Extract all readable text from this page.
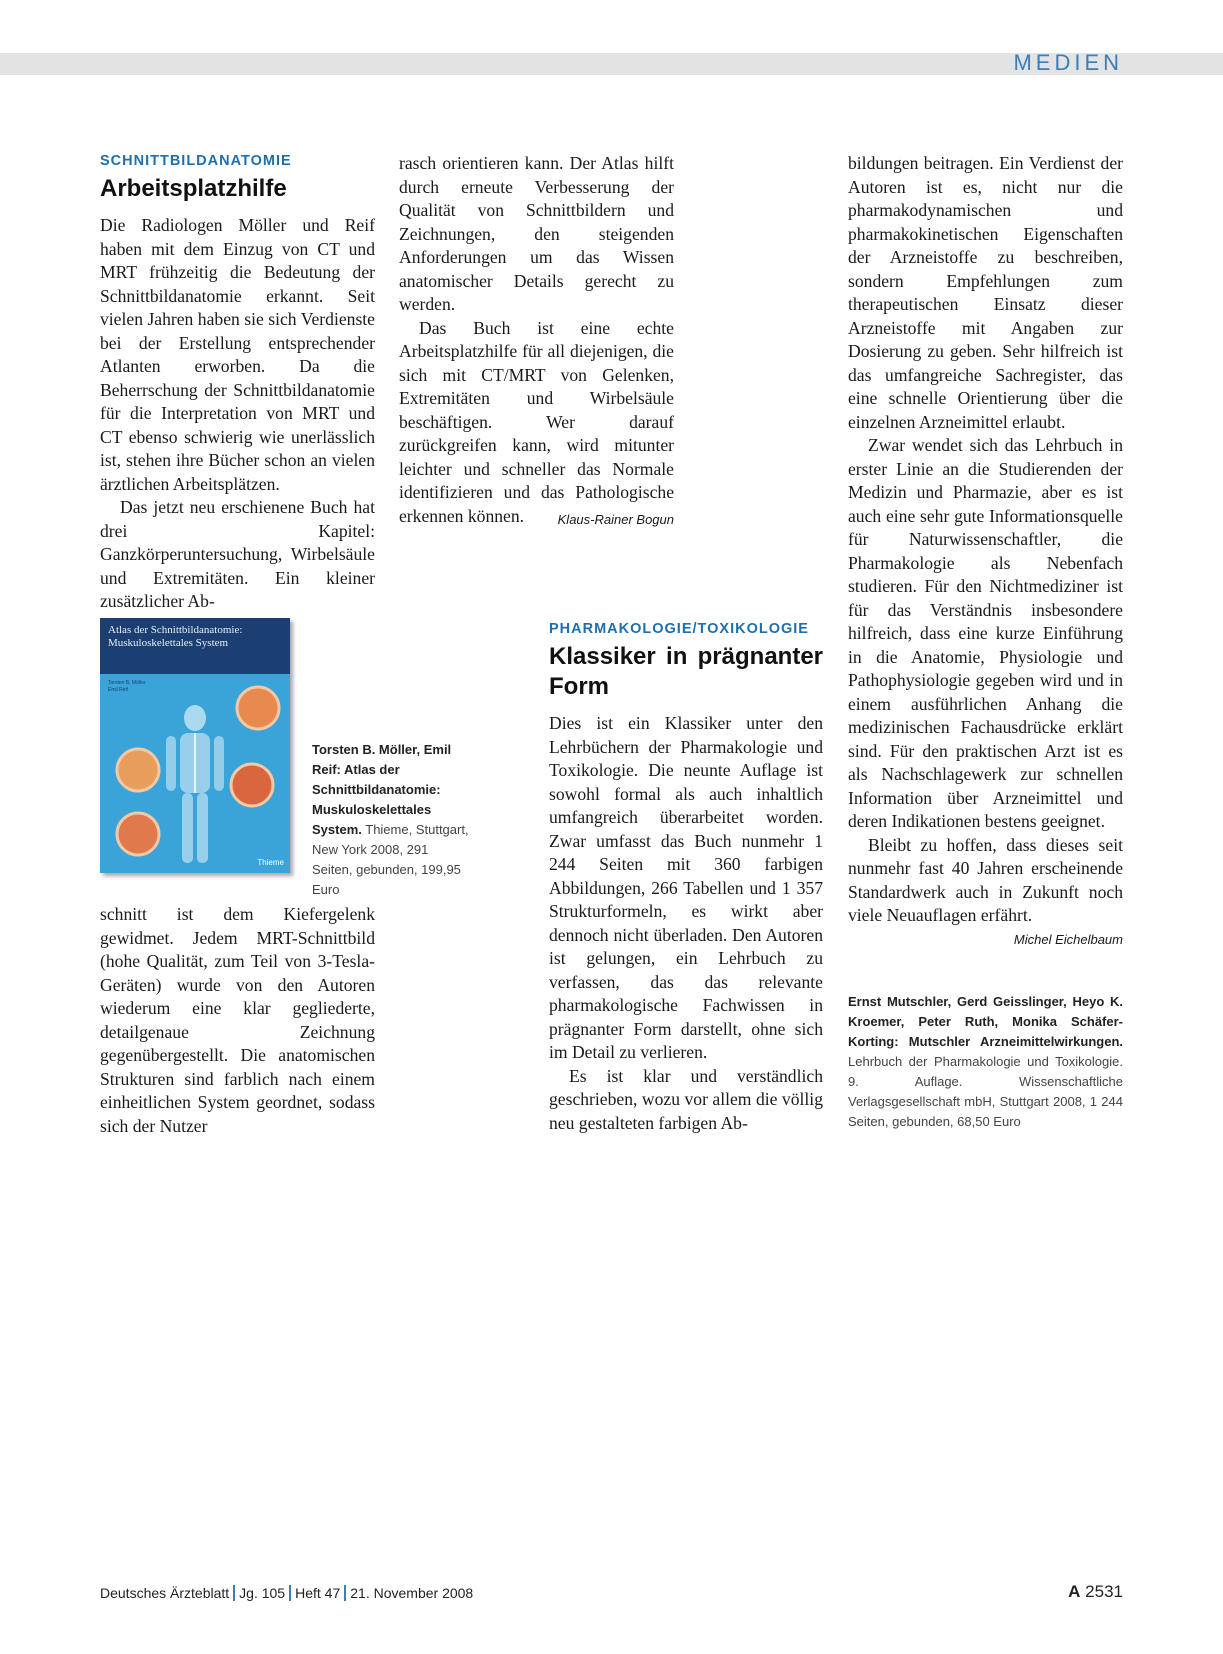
MEDIEN
SCHNITTBILDANATOMIE
Arbeitsplatzhilfe

Die Radiologen Möller und Reif haben mit dem Einzug von CT und MRT frühzeitig die Bedeutung der Schnittbildanatomie erkannt. Seit vielen Jahren haben sie sich Verdienste bei der Erstellung entsprechender Atlanten erworben. Da die Beherrschung der Schnittbildanatomie für die Interpretation von MRT und CT ebenso schwierig wie unerlässlich ist, stehen ihre Bücher schon an vielen ärztlichen Arbeitsplätzen.

Das jetzt neu erschienene Buch hat drei Kapitel: Ganzkörperuntersuchung, Wirbelsäule und Extremitäten. Ein kleiner zusätzlicher Ab-

Atlas der Schnittbildanatomie: Muskuloskelettales System
Torsten B. Möller
Emil Reif
Thieme
Torsten B. Möller, Emil Reif: Atlas der Schnittbildanatomie: Muskuloskelettales System. Thieme, Stuttgart, New York 2008, 291 Seiten, gebunden, 199,95 Euro

schnitt ist dem Kiefergelenk gewidmet. Jedem MRT-Schnittbild (hohe Qualität, zum Teil von 3-Tesla-Geräten) wurde von den Autoren wiederum eine klar gegliederte, detailgenaue Zeichnung gegenübergestellt. Die anatomischen Strukturen sind farblich nach einem einheitlichen System geordnet, sodass sich der Nutzer

rasch orientieren kann. Der Atlas hilft durch erneute Verbesserung der Qualität von Schnittbildern und Zeichnungen, den steigenden Anforderungen um das Wissen anatomischer Details gerecht zu werden.

Das Buch ist eine echte Arbeitsplatzhilfe für all diejenigen, die sich mit CT/MRT von Gelenken, Extremitäten und Wirbelsäule beschäftigen. Wer darauf zurückgreifen kann, wird mitunter leichter und schneller das Normale identifizieren und das Pathologische erkennen können.	Klaus-Rainer Bogun

PHARMAKOLOGIE/TOXIKOLOGIE
Klassiker in prägnanter Form

Dies ist ein Klassiker unter den Lehrbüchern der Pharmakologie und Toxikologie. Die neunte Auflage ist sowohl formal als auch inhaltlich umfangreich überarbeitet worden. Zwar umfasst das Buch nunmehr 1 244 Seiten mit 360 farbigen Abbildungen, 266 Tabellen und 1 357 Strukturformeln, es wirkt aber dennoch nicht überladen. Den Autoren ist gelungen, ein Lehrbuch zu verfassen, das das relevante pharmakologische Fachwissen in prägnanter Form darstellt, ohne sich im Detail zu verlieren.

Es ist klar und verständlich geschrieben, wozu vor allem die völlig neu gestalteten farbigen Ab-

bildungen beitragen. Ein Verdienst der Autoren ist es, nicht nur die pharmakodynamischen und pharmakokinetischen Eigenschaften der Arzneistoffe zu beschreiben, sondern Empfehlungen zum therapeutischen Einsatz dieser Arzneistoffe mit Angaben zur Dosierung zu geben. Sehr hilfreich ist das umfangreiche Sachregister, das eine schnelle Orientierung über die einzelnen Arzneimittel erlaubt.

Zwar wendet sich das Lehrbuch in erster Linie an die Studierenden der Medizin und Pharmazie, aber es ist auch eine sehr gute Informationsquelle für Naturwissenschaftler, die Pharmakologie als Nebenfach studieren. Für den Nichtmediziner ist für das Verständnis insbesondere hilfreich, dass eine kurze Einführung in die Anatomie, Physiologie und Pathophysiologie gegeben wird und in einem ausführlichen Anhang die medizinischen Fachausdrücke erklärt sind. Für den praktischen Arzt ist es als Nachschlagewerk zur schnellen Information über Arzneimittel und deren Indikationen bestens geeignet.

Bleibt zu hoffen, dass dieses seit nunmehr fast 40 Jahren erscheinende Standardwerk auch in Zukunft noch viele Neuauflagen erfährt.

Michel Eichelbaum

Ernst Mutschler, Gerd Geisslinger, Heyo K. Kroemer, Peter Ruth, Monika Schäfer-Korting: Mutschler Arzneimittelwirkungen. Lehrbuch der Pharmakologie und Toxikologie. 9. Auflage. Wissenschaftliche Verlagsgesellschaft mbH, Stuttgart 2008, 1 244 Seiten, gebunden, 68,50 Euro
Deutsches Ärzteblatt Jg. 105 Heft 47 21. November 2008	A 2531
